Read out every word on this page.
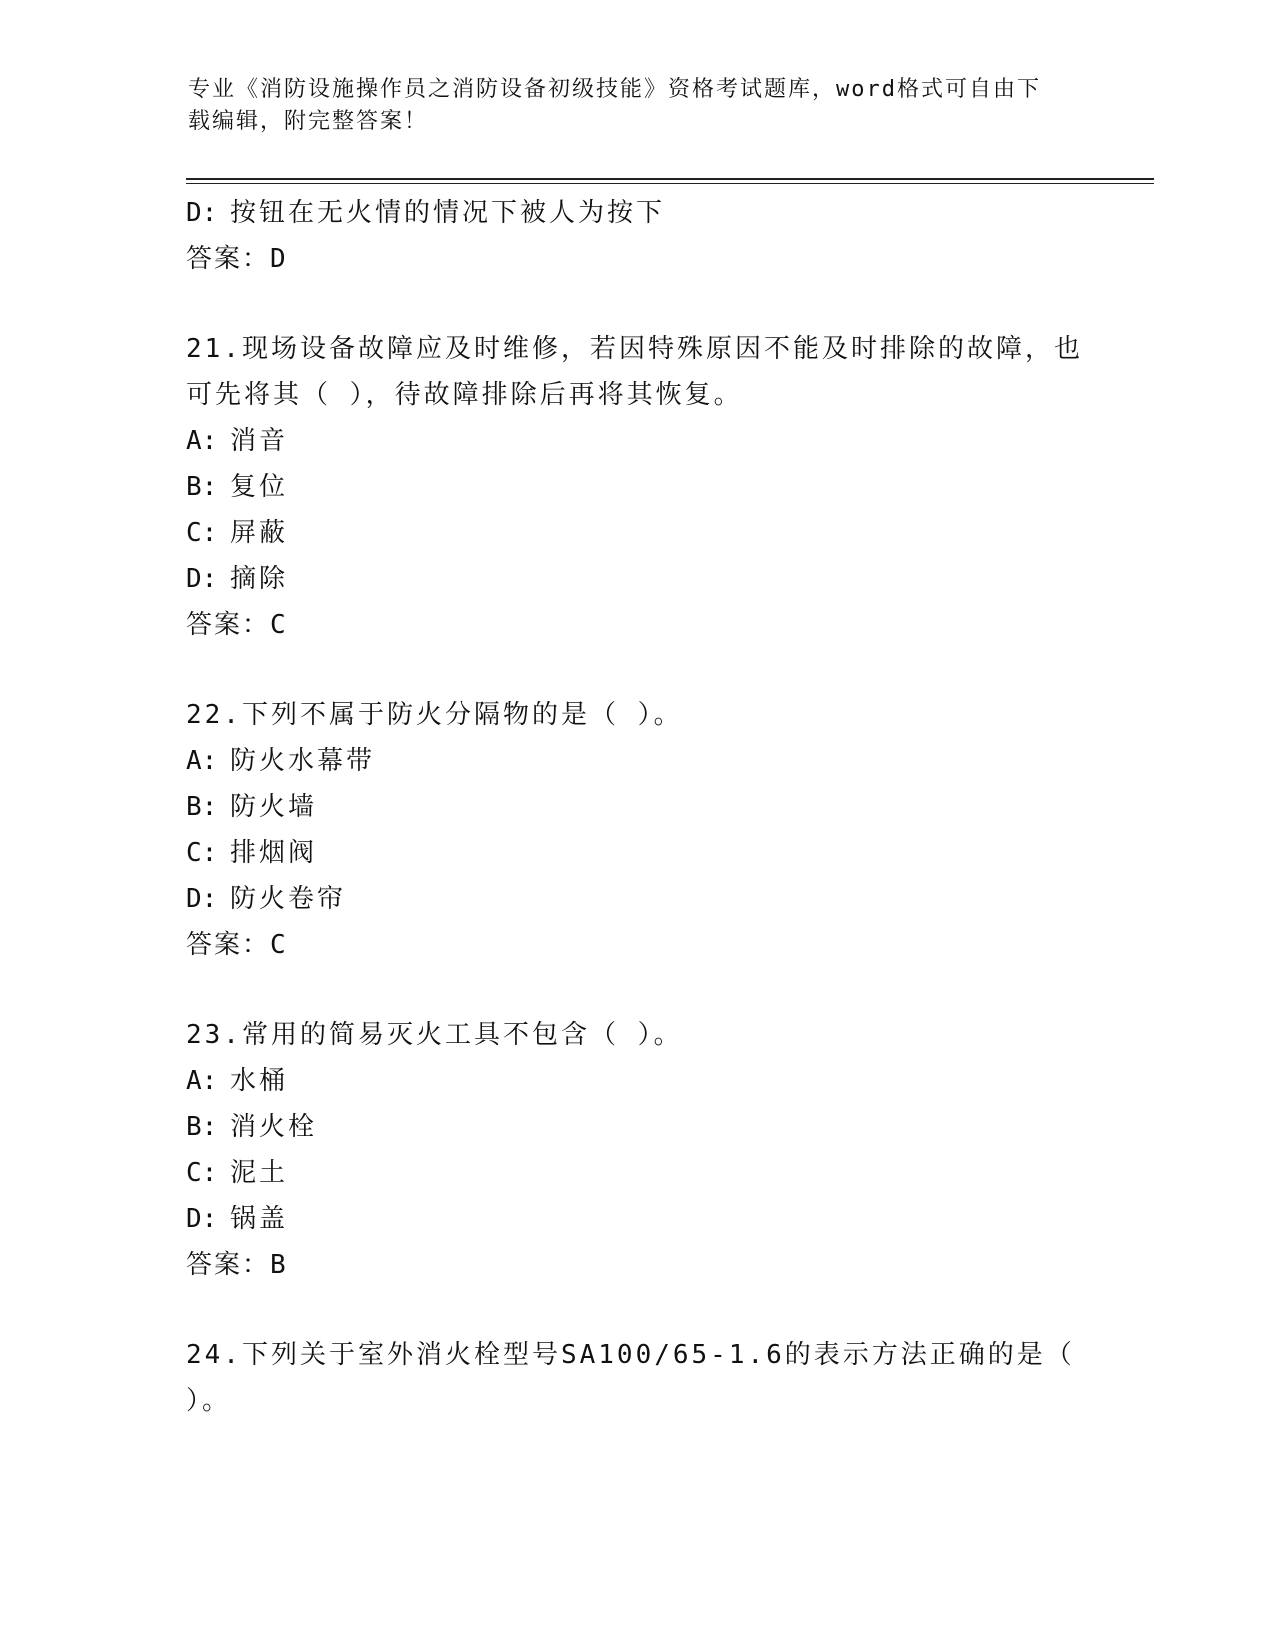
专业《消防设施操作员之消防设备初级技能》资格考试题库，word格式可自由下
载编辑，附完整答案！
D: 按钮在无火情的情况下被人为按下
答案：D
21.现场设备故障应及时维修，若因特殊原因不能及时排除的故障，也
可先将其（ ），待故障排除后再将其恢复。
A: 消音
B: 复位
C: 屏蔽
D: 摘除
答案：C
22.下列不属于防火分隔物的是（ ）。
A: 防火水幕带
B: 防火墙
C: 排烟阀
D: 防火卷帘
答案：C
23.常用的简易灭火工具不包含（ ）。
A: 水桶
B: 消火栓
C: 泥土
D: 锅盖
答案：B
24.下列关于室外消火栓型号SA100/65-1.6的表示方法正确的是（
）。
